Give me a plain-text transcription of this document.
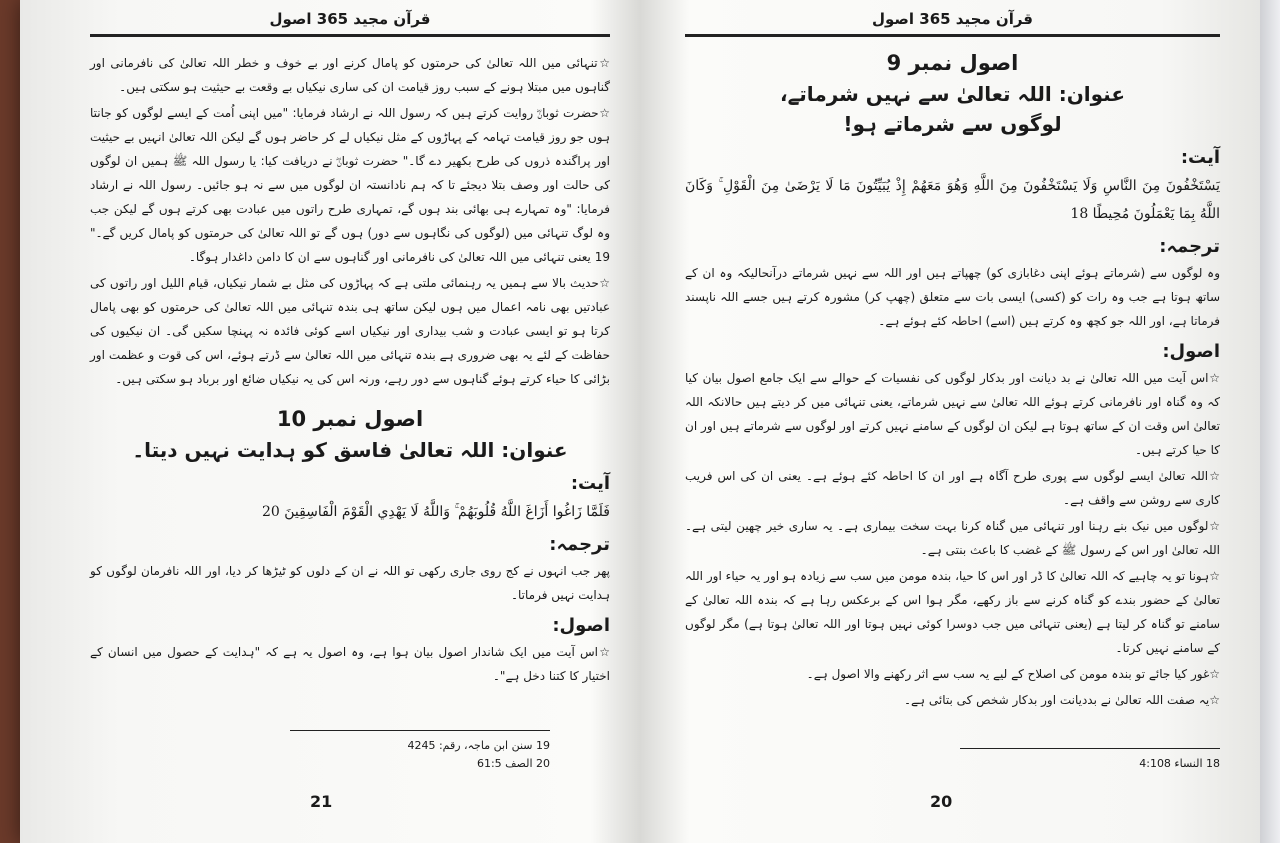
قرآن مجید 365 اصول

☆تنہائی میں اللہ تعالیٰ کی حرمتوں کو پامال کرنے اور بے خوف و خطر اللہ تعالیٰ کی نافرمانی اور گناہوں میں مبتلا ہونے کے سبب روز قیامت ان کی ساری نیکیاں بے وقعت بے حیثیت ہو سکتی ہیں۔

☆حضرت ثوبانؓ روایت کرتے ہیں کہ رسول اللہ نے ارشاد فرمایا: "میں اپنی اُمت کے ایسے لوگوں کو جانتا ہوں جو روز قیامت تہامہ کے پہاڑوں کے مثل نیکیاں لے کر حاضر ہوں گے لیکن اللہ تعالیٰ انہیں بے حیثیت اور پراگندہ ذروں کی طرح بکھیر دے گا۔" حضرت ثوبانؓ نے دریافت کیا: یا رسول اللہ ﷺ ہمیں ان لوگوں کی حالت اور وصف بتلا دیجئے تا کہ ہم نادانستہ ان لوگوں میں سے نہ ہو جائیں۔ رسول اللہ نے ارشاد فرمایا: "وہ تمہارے ہی بھائی بند ہوں گے، تمہاری طرح راتوں میں عبادت بھی کرتے ہوں گے لیکن جب وہ لوگ تنہائی میں (لوگوں کی نگاہوں سے دور) ہوں گے تو اللہ تعالیٰ کی حرمتوں کو پامال کریں گے۔" 19 یعنی تنہائی میں اللہ تعالیٰ کی نافرمانی اور گناہوں سے ان کا دامن داغدار ہوگا۔

☆حدیث بالا سے ہمیں یہ رہنمائی ملتی ہے کہ پہاڑوں کی مثل بے شمار نیکیاں، قیام اللیل اور راتوں کی عبادتیں بھی نامہ اعمال میں ہوں لیکن ساتھ ہی بندہ تنہائی میں اللہ تعالیٰ کی حرمتوں کو بھی پامال کرتا ہو تو ایسی عبادت و شب بیداری اور نیکیاں اسے کوئی فائدہ نہ پہنچا سکیں گی۔ ان نیکیوں کی حفاظت کے لئے یہ بھی ضروری ہے بندہ تنہائی میں اللہ تعالیٰ سے ڈرتے ہوئے، اس کی قوت و عظمت اور بڑائی کا حیاء کرتے ہوئے گناہوں سے دور رہے، ورنہ اس کی یہ نیکیاں ضائع اور برباد ہو سکتی ہیں۔

اصول نمبر 10
عنوان: اللہ تعالیٰ فاسق کو ہدایت نہیں دیتا۔
آیت:

فَلَمَّا زَاغُوا أَزَاغَ اللَّهُ قُلُوبَهُمْ ۚ وَاللَّهُ لَا يَهْدِي الْقَوْمَ الْفَاسِقِينَ 20

ترجمہ:

پھر جب انہوں نے کج روی جاری رکھی تو اللہ نے ان کے دلوں کو ٹیڑھا کر دیا، اور اللہ نافرمان لوگوں کو ہدایت نہیں فرماتا۔

اصول:

☆اس آیت میں ایک شاندار اصول بیان ہوا ہے، وہ اصول یہ ہے کہ "ہدایت کے حصول میں انسان کے اختیار کا کتنا دخل ہے"۔

19 سنن ابن ماجہ، رقم: 4245
20 الصف 61:5
21
قرآن مجید 365 اصول
اصول نمبر 9
عنوان: اللہ تعالیٰ سے نہیں شرماتے،
لوگوں سے شرماتے ہو!
آیت:

يَسْتَخْفُونَ مِنَ النَّاسِ وَلَا يَسْتَخْفُونَ مِنَ اللَّهِ وَهُوَ مَعَهُمْ إِذْ يُبَيِّتُونَ مَا لَا يَرْضَىٰ مِنَ الْقَوْلِ ۚ وَكَانَ اللَّهُ بِمَا يَعْمَلُونَ مُحِيطًا 18

ترجمہ:

وہ لوگوں سے (شرماتے ہوئے اپنی دغابازی کو) چھپاتے ہیں اور اللہ سے نہیں شرماتے درآنحالیکہ وہ ان کے ساتھ ہوتا ہے جب وہ رات کو (کسی) ایسی بات سے متعلق (چھپ کر) مشورہ کرتے ہیں جسے اللہ ناپسند فرماتا ہے، اور اللہ جو کچھ وہ کرتے ہیں (اسے) احاطہ کئے ہوئے ہے۔

اصول:

☆اس آیت میں اللہ تعالیٰ نے بد دیانت اور بدکار لوگوں کی نفسیات کے حوالے سے ایک جامع اصول بیان کیا کہ وہ گناہ اور نافرمانی کرتے ہوئے اللہ تعالیٰ سے نہیں شرماتے، یعنی تنہائی میں کر دیتے ہیں حالانکہ اللہ تعالیٰ اس وقت ان کے ساتھ ہوتا ہے لیکن ان لوگوں کے سامنے نہیں کرتے اور لوگوں سے شرماتے ہیں اور ان کا حیا کرتے ہیں۔

☆اللہ تعالیٰ ایسے لوگوں سے پوری طرح آگاہ ہے اور ان کا احاطہ کئے ہوئے ہے۔ یعنی ان کی اس فریب کاری سے روشن سے واقف ہے۔

☆لوگوں میں نیک بنے رہنا اور تنہائی میں گناہ کرنا بہت سخت بیماری ہے۔ یہ ساری خیر چھین لیتی ہے۔ اللہ تعالیٰ اور اس کے رسول ﷺ کے غضب کا باعث بنتی ہے۔

☆ہونا تو یہ چاہیے کہ اللہ تعالیٰ کا ڈر اور اس کا حیا، بندہ مومن میں سب سے زیادہ ہو اور یہ حیاء اور اللہ تعالیٰ کے حضور بندے کو گناہ کرنے سے باز رکھے، مگر ہوا اس کے برعکس رہا ہے کہ بندہ اللہ تعالیٰ کے سامنے تو گناہ کر لیتا ہے (یعنی تنہائی میں جب دوسرا کوئی نہیں ہوتا اور اللہ تعالیٰ ہوتا ہے) مگر لوگوں کے سامنے نہیں کرتا۔

☆غور کیا جائے تو بندہ مومن کی اصلاح کے لیے یہ سب سے اثر رکھنے والا اصول ہے۔

☆یہ صفت اللہ تعالیٰ نے بددیانت اور بدکار شخص کی بتائی ہے۔

18 النساء 4:108
20
